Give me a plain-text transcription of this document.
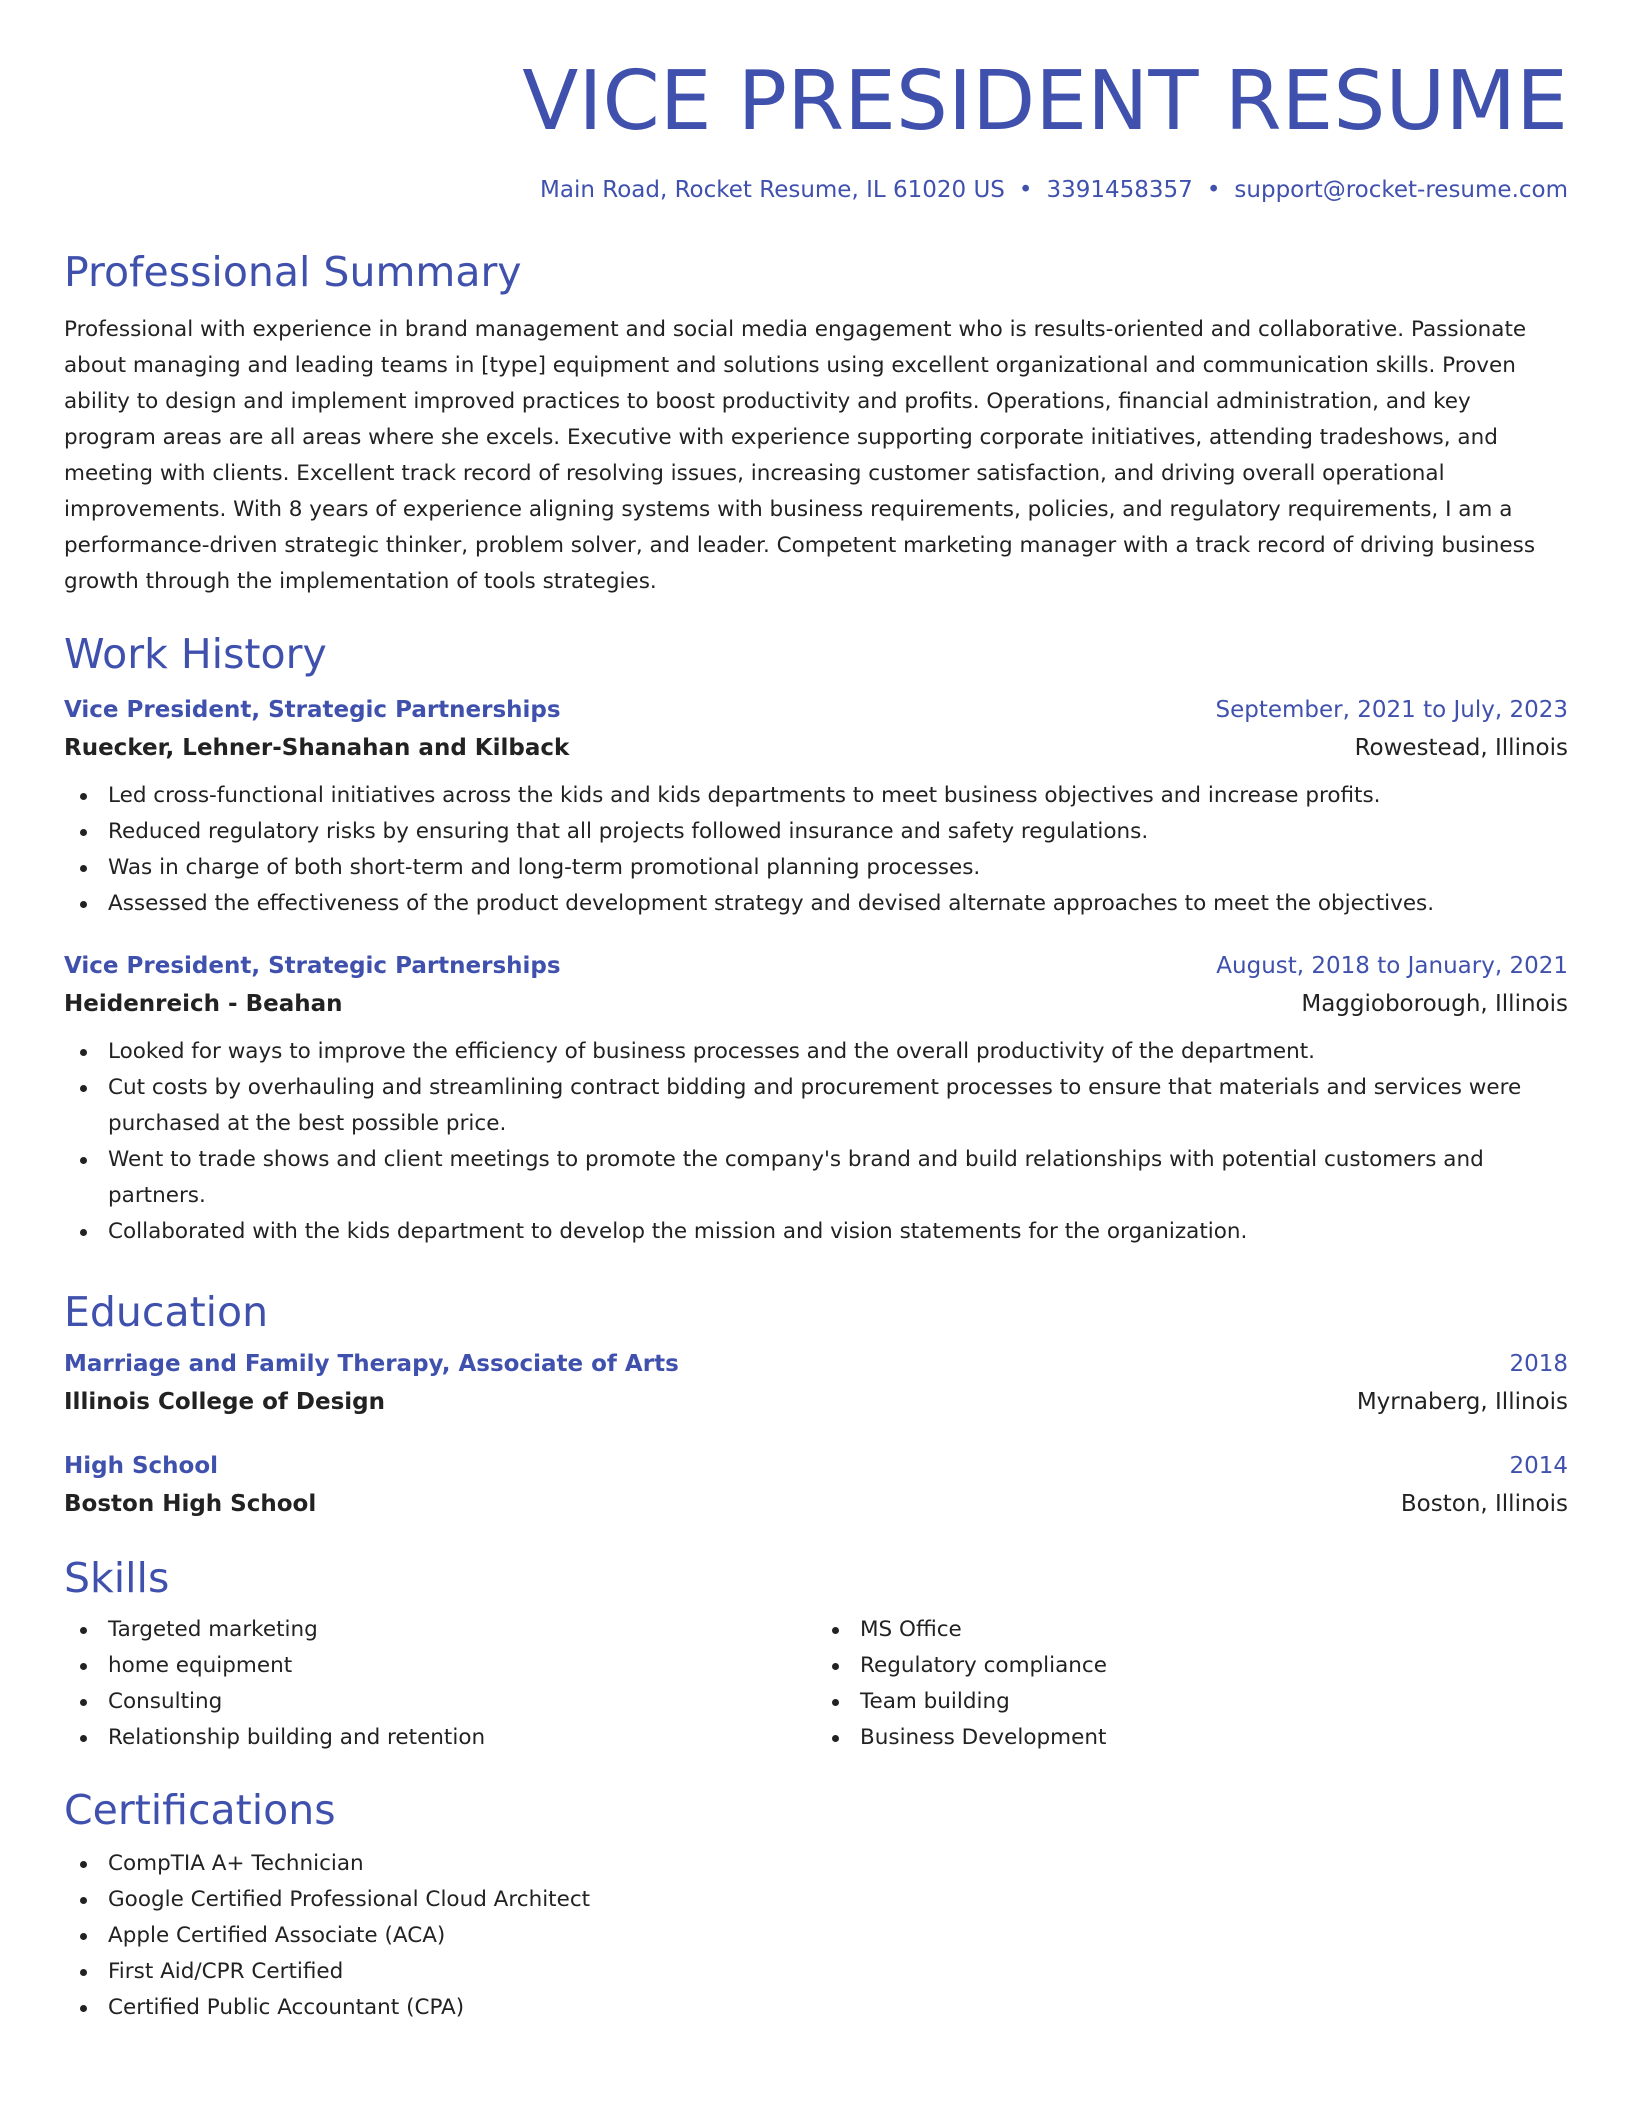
VICE PRESIDENT RESUME
Main Road, Rocket Resume, IL 61020 US • 3391458357 • support@rocket-resume.com
Professional Summary

Professional with experience in brand management and social media engagement who is results-oriented and collaborative. Passionate about managing and leading teams in [type] equipment and solutions using excellent organizational and communication skills. Proven ability to design and implement improved practices to boost productivity and profits. Operations, financial administration, and key program areas are all areas where she excels. Executive with experience supporting corporate initiatives, attending tradeshows, and meeting with clients. Excellent track record of resolving issues, increasing customer satisfaction, and driving overall operational improvements. With 8 years of experience aligning systems with business requirements, policies, and regulatory requirements, I am a performance-driven strategic thinker, problem solver, and leader. Competent marketing manager with a track record of driving business growth through the implementation of tools strategies.

Work History
Vice President, Strategic Partnerships	September, 2021 to July, 2023
Ruecker, Lehner-Shanahan and Kilback	Rowestead, Illinois
Led cross-functional initiatives across the kids and kids departments to meet business objectives and increase profits.
Reduced regulatory risks by ensuring that all projects followed insurance and safety regulations.
Was in charge of both short-term and long-term promotional planning processes.
Assessed the effectiveness of the product development strategy and devised alternate approaches to meet the objectives.
Vice President, Strategic Partnerships	August, 2018 to January, 2021
Heidenreich - Beahan	Maggioborough, Illinois
Looked for ways to improve the efficiency of business processes and the overall productivity of the department.
Cut costs by overhauling and streamlining contract bidding and procurement processes to ensure that materials and services were purchased at the best possible price.
Went to trade shows and client meetings to promote the company's brand and build relationships with potential customers and partners.
Collaborated with the kids department to develop the mission and vision statements for the organization.
Education
Marriage and Family Therapy, Associate of Arts	2018
Illinois College of Design	Myrnaberg, Illinois
High School	2014
Boston High School	Boston, Illinois
Skills
Targeted marketing
home equipment
Consulting
Relationship building and retention
MS Office
Regulatory compliance
Team building
Business Development
Certifications
CompTIA A+ Technician
Google Certified Professional Cloud Architect
Apple Certified Associate (ACA)
First Aid/CPR Certified
Certified Public Accountant (CPA)
